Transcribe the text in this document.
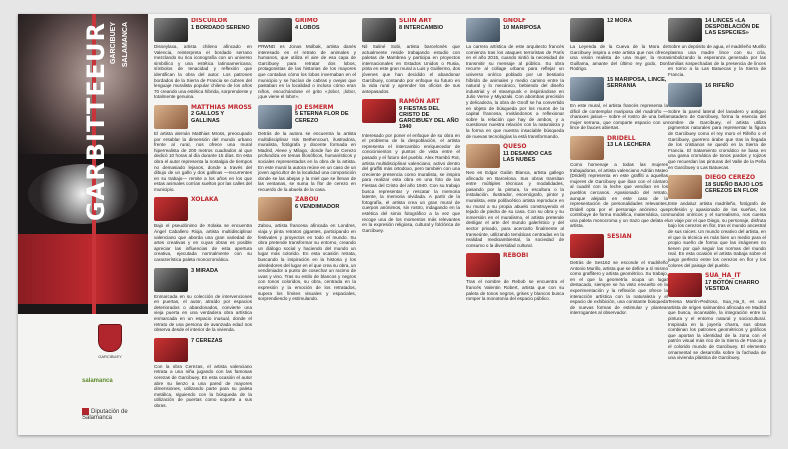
GARBITTEEUR GARCIBUEY SALAMANCA
GARCIBUEY
salamanca
Diputación de Salamanca
DISCUILOR
1 BORDADO SERENO
Disneylaxa, artista chileno afincado en Valencia, reinterpreta el bordado serrano mezclando su rica iconografía con un universo simbólico y una estética latinoamericana; símbolos de tenacidad y reflexión que identifican la obra del autor. Los patrones bordados de la Sierra de Francia se cubren del lenguaje muralista popular chileno de los años 70 creando una estética híbrida, sorprendente y totalmente genuina.
MATTHIAS MROSS
2 GALLOS Y GALLINAS
El artista alemán Matthias Mross, preocupado por entablar la dimensión del mundo urbano frente al rural, nos ofrece una mural hiperrealista de 200 metros cuadrados al que dedicó 10 horas al día durante 15 días. En esta obra el autor representa la nostalgia de tiempos no demasiado lejanos, donde a través del dibujo de un gallo y dos gallinas —recurrentes en su trabajo— remite a los años en los que estas animales corrían sueltos por las calles del municipio.
XOLAKA
Bajo el pseudónimo de Xolaka se encuentra Ángel Caballero Rioja, artista multidisciplinar valenciano que aborda una gran variedad de artes creativas y en cuyas obras es posible apreciar las influencias de esta apertura creativa, ejecutada normalmente con su característica paleta monocromática.
3 MIRADA
Enmarcada en su colección de intervenciones en puertas, el autor, atraído por espacios deteriorados o abandonados, convierte una vieja puerta en una verdadera obra artística enmarcada en un espacio inusual, donde el retrato de una persona de avanzada edad nos observa desde el interior de la vivienda.
7 CEREZAS
Con la obra Cerezas, el artista valenciano retrata a una niña jugando con las famosas cerezas de Garcibuey. En esta ocasión el autor abre su lienzo a una pared de mayores dimensiones, utilizando parte para su paleta metálica, siguiendo con la búsqueda de la utilización de puertas como soporte a sus obras.
GRIMO
4 LOBOS
PRWND es Jonas Molbak, artista danés interesado en el retrato de animales y humanos, que utiliza el aire de esa capa de Garcibuey para retratar dos lobos, protagonistas de las historias de los mayores que contaban cómo los lobos invernaban en el municipio y se hacían de cabras y ovejas que pastaban en la localidad o incluso cómo eran niños, escuchándose el grito «¡lobo!, ¡lobo!, ¡que viene el lobo!».
JO ESMERM
5 ETERNA FLOR DE CEREZO
Detrás de la autora se encuentra la artista multidisciplinar Isis Bethencourt, ilustradora, muralista, fotógrafa y docente formada en Madrid, Aleee y Milago, donde fue de Cerezo profundiza en temas filosóficos, humanísticos y sociales representados en la obra de la artista. En este mural la autora reúne en un caso de un joven agricultor de la localidad una composición donde se las abejas y la miel que se llenan de las ventanas, se suma la flor de cerezo en recuerdo de la abuela de la casa.
ZABOU
6 VENDIMIADOR
Zabou, artista francesa afincada en Londres, viaja y pinta retratos gigantes, participando en festivales y proyectos en todo el mundo. Su obra pretende transformar su entorno, creando un diálogo social y haciendo del mundo un lugar más colorido. En esta ocasión retrata, buscando la inspiración en la historia y los alrededores del lugar en el que crea su obra, un vendimiador a punto de cosechar un racimo de uvas y vino. Tras su estilo de blancos y negros con tonos coloridos, su obra, centrada en la expresión y la emoción de los retratados, supera los límites visuales y espaciales, sorprendiendo y estimulando.
SLIIN ART
8 INTERCAMBIO
Nil Saliné Sobi, artista barcelonés que actualmente reside trabajando estudio con paletas de Mambrea y participa en proyectos internacionales en Estados Unidos o Rusia, pinta en este gran mural a Luis y Guillermo, dos jóvenes que han decidido el abandonar Garcibuey, contando por enfoque su futuro en la vida rural y aprender los oficios de sus antepasados.
RAMÓN ART
9 FIESTAS DEL CRISTO DE GARCIBUEY DEL AÑO 1940
Interesado por poner el enfoque de su obra en el problema de la despoblación, el artista representa el intercambio enriquecedor de conocimientos y puntos de vista entre el pasado y el futuro del pueblo. Alex Rambó Rot, artista multidisciplinar valenciano, activo dentro del graffiti más ortodoxo, pero también con una creciente presencia como muralista, se inspira para realizar esta obra en una foto de las Fiestas del Cristo del año 1940. Con su trabajo busca representar y rescatar la memoria latente, la memoria olvidada. A partir de la fotografía, el artista crea un gran mural de cuerpos anónimos, sin rostro, indagando en la estética del simio fotográfico a la vez que recoge una de los momentos más relevantes en la expresión religiosa, cultural y folclórica de Garcibuey.
GNOLF
10 MARIPOSA
La carrera artística de este arquitecto francés comienza tras los ataques terroristas de París en el año 2015, cuando sintió la necesidad de transmitir su mensaje al público. Su obra recurre al collage urbano para reflejar un universo onírico poblado por un bestiario híbrido de animales y medio camino entre la natural y lo mecánico, bebiendo del diseño industrial y el steampunk e inspirándose en Julio Verne y Miyazaki. Con abombas precisión y delicadeza, la obra de Gnolf se ha convertido en objeto de búsqueda por los muros de la capital francesa, invitándonos a reflexionar sobre la relación que hay de ambos, y a cuestionar nuestra relación con la naturaleza y la forma en que nuestra insaciable búsqueda de nuevas tecnologías la está transformando.
QUESO
11 DESANDO CAS LAS NUBES
Neo es Edgar Galán Blanca, artista gallego afincado en Barcelona. Sus obras transitan entre múltiples técnicas y modalidades, pasando por la pintura, la escultura o la instalación. Ilustrador, escenógrafo, pintor y muralista, este polifacético artista reproduce en su mural a su propia abuelo construyendo el tejado de piedra de su casa. Con su obra y su inmersión en el muralismo, el artista pretende desligar el arte del mundo galerístico y del sector privado, para acercarlo finalmente al transeúnte, utilizando temáticas centradas en la realidad medioambiental, la sociedad de consumo o la diversidad cultural.
REBOBI
Tras el nombre de Rebob se encuentra el francés Valentin Robert, artista que con su paleta de tonos negros, grises y blancos busca romper la monotonía del espacio público.
12 MORA
La Leyenda de la Cueva de la Mora de Garcibuey inspira a este artista que nos ofrece una visión realista de una mujer, la mora Guillama, amante del último rey godo, Don Rodrigo.
15 MARIPOSA, LINCE, SERRANIA
En este mural, el artista francés representa la dificil de contemplar mariposa del madroño —charaxes jasius— sobre el rostro de una bella mujer serrana, que comparte espacio con un lince de fauces abiertas.
DRIDELL
13 LA LECHERA
Como homenaje a todas las mujeres trabajadoras, el artista valenciano Adrián Mateo (Dridell) representa en este graffiti a aquellas mujeres de Garcibuey que iban con el cántaro al cuadril con la leche que vendían en los pueblos cercanos. Apasionado del retrato, aunque alejado en este caso de la representación de personalidades relevantes, Dridell opta por el personaje anónimo que contribuye de forma modélica, matemática, con una paleta monocroma y un trazo que delata el artista.
SESIAN
Detrás de Ses162 se esconde el madrileño Antonio Murillo, artista que se define a sí mismo como graffitero y artista geométrico. Su trabajo, en el que la geometría ocupa un lugar destacado, siempre se ha visto envuelto en la experimentación y la reflexión que ofrece la interacción artística con la naturaleza y el espacio de exhibición, una constante búsqueda de nuevas formas de estimular y plantear interrogantes al observador.
14 LINCES «LA DESPOBLACIÓN DE LAS ESPECIES»
Sobre un depósito de agua, el madrileño Murillo plasma una madre lince con su cría, simbolizando la esperanza generada por las familias sospechadas de la presencia de linces en torno a la Las Batuecas y la Sierra de Francia.
16 RIFEÑO
Sobre la pared lateral del lavadero y antiguo matadero de Garcibuey, forma la esencia del nombre de Garcibuey, el artista utiliza pigmentos naturales para representar la figura de Garcibuey como el rey moro el Rifeño o el Garcibuey, guerrero árabe que tras la llegada de los cristianos se quedó en la Sierra de Francia. El tratamiento cromático se basa en una gama cromática de tonos pardos y rojizos que recuerdan las pinturas del Valle de la Peña en Garcibuey o Las Batuecas.
DIEGO CEREZO
18 SUEÑO BAJO LOS CEREZOS EN FLOR
Este andaluz artista madrileño, fotógrafo de profesión y apasionado de los sueños, los mundos oníricos y el surrealismo, nos cuenta un viaje por el que Diego, su personaje, disfruta bajo los cerezos en flor, tras el mundo ancestral de sus raíces. Un mundo creativo del artista, en el que la técnica es más bien un medio para el propio sueño de forma que las imágenes no tienen por qué seguir las normas del mundo real. En esta ocasión el artista trabaja sobre el juego perfecto entre los cerezos en flor y los colores del paisaje del pueblo.
SUA_HA_IT
17 BOTÓN CHARRO VESTIDA
Teresa Martín-Pedroso, Sua_Ha_It, es una artista de origen salmantino afincada en Madrid que busca, incansable, la integración entre la pintura y el entorno natural y sociocultural. Inspirada en la joyería charra, sus obras combinan los patrones geométricos y gráficos que aportan la identidad de la zona con el patrón visual más rico de la Sierra de Francia y el colorido mundo de Garcibuey. El elemento ornamental se desarrolla sobre la fachada de una vivienda plástica de Garcibuey.
